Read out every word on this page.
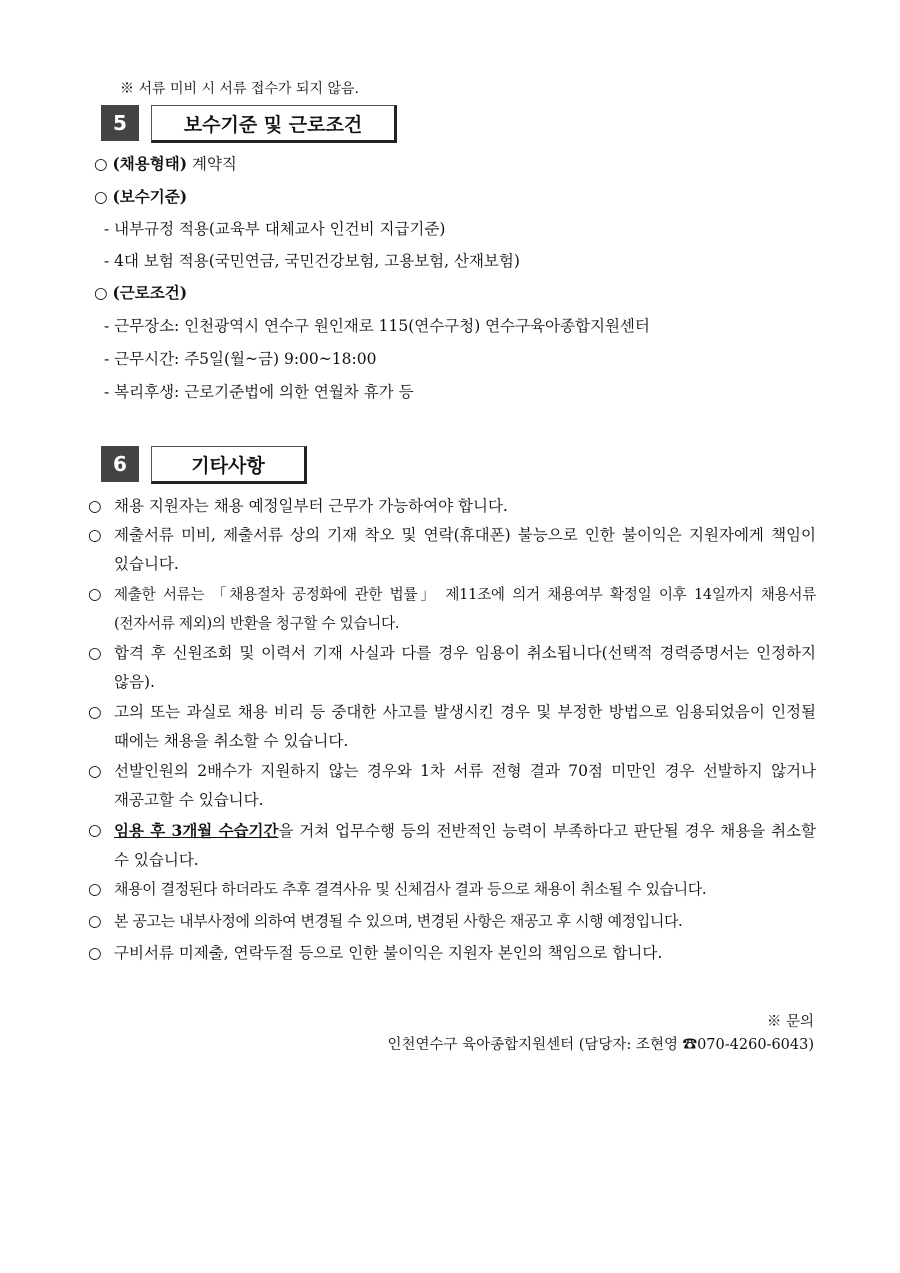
※ 서류 미비 시 서류 접수가 되지 않음.
5	보수기준 및 근로조건
○ (채용형태) 계약직
○ (보수기준)
- 내부규정 적용(교육부 대체교사 인건비 지급기준)
- 4대 보험 적용(국민연금, 국민건강보험, 고용보험, 산재보험)
○ (근로조건)
- 근무장소: 인천광역시 연수구 원인재로 115(연수구청) 연수구육아종합지원센터
- 근무시간: 주5일(월~금) 9:00~18:00
- 복리후생: 근로기준법에 의한 연월차 휴가 등
6	기타사항
○ 채용 지원자는 채용 예정일부터 근무가 가능하여야 합니다.
○ 제출서류 미비, 제출서류 상의 기재 착오 및 연락(휴대폰) 불능으로 인한 불이익은 지원자에게 책임이 있습니다.
○ 제출한 서류는 「채용절차 공정화에 관한 법률」 제11조에 의거 채용여부 확정일 이후 14일까지 채용서류(전자서류 제외)의 반환을 청구할 수 있습니다.
○ 합격 후 신원조회 및 이력서 기재 사실과 다를 경우 임용이 취소됩니다(선택적 경력증명서는 인정하지 않음).
○ 고의 또는 과실로 채용 비리 등 중대한 사고를 발생시킨 경우 및 부정한 방법으로 임용되었음이 인정될 때에는 채용을 취소할 수 있습니다.
○ 선발인원의 2배수가 지원하지 않는 경우와 1차 서류 전형 결과 70점 미만인 경우 선발하지 않거나 재공고할 수 있습니다.
○ 임용 후 3개월 수습기간을 거쳐 업무수행 등의 전반적인 능력이 부족하다고 판단될 경우 채용을 취소할 수 있습니다.
○ 채용이 결정된다 하더라도 추후 결격사유 및 신체검사 결과 등으로 채용이 취소될 수 있습니다.
○ 본 공고는 내부사정에 의하여 변경될 수 있으며, 변경된 사항은 재공고 후 시행 예정입니다.
○ 구비서류 미제출, 연락두절 등으로 인한 불이익은 지원자 본인의 책임으로 합니다.
※ 문의
인천연수구 육아종합지원센터 (담당자: 조현영 ☎070-4260-6043)
